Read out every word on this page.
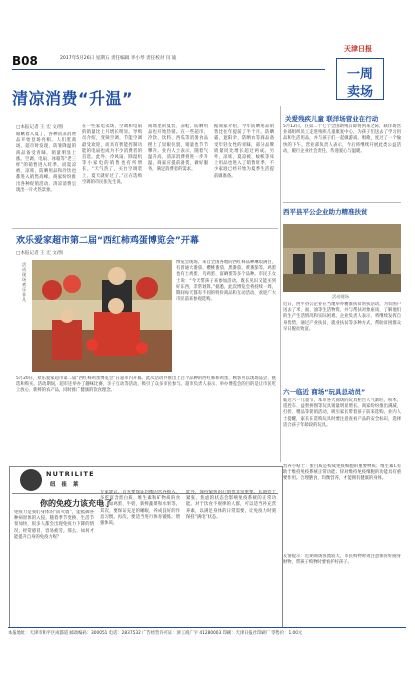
B08	2017年5月26日 星期五 责任编辑 李小琴 责任校对 闫 迪
天津日报
一周
卖场
清凉消费“升温”
□本报记者 王 宏 文/图
眼瞅着入夏了，各种清凉消费品开始登场亮相。人们逛商场、超市时发现，防暑降温的商品备受青睐，销量明显上涨。空调、电扇、冰箱等“老三样”的销售进入旺季，而夏凉被、凉席、防晒用品和冷饮也都进入销售高峰。商家纷纷推出各种促销活动，清凉消费呈现出一片火热景象。
在一些家电卖场，空调和电扇的销量比上月增长明显。导购员介绍，变频空调、节能空调最受欢迎，而具有智能控制功能的电扇也成为不少消费者的首选。此外，冷风扇、除湿机等小家电的销售也有所增长。“天气热了，买台空调装上，夏天就好过了。”正在选购空调的市民张先生说。
商场里的夏装、凉鞋、防晒用品也开始热销。在一些超市，冷饮、饮料、西瓜等消暑食品摆上了显眼位置，销量也节节攀升。业内人士表示，随着气温升高，清凉消费将进一步升温，商家应提前备货，做好服务，满足消费者的需求。
据商家介绍，今年防晒用品销售比往年提前了半个月。防晒霜、遮阳伞、防晒衣等商品备受年轻女性的青睐，部分品牌销量同比增长超过两成。另外，凉席、夏凉被、蚊帐等床上用品也进入了销售旺季，不少家庭已经开始为夏季生活提前做准备。
欢乐爱家超市第二届“西红柿鸡蛋博览会”开幕
□本报记者 王 宏 文/图
活动现场欢乐非凡
博览会现场，来自全国各地的西红柿品种琳琅满目，有普通大番茄、樱桃番茄、黑番茄、黄番茄等，鸡蛋也有土鸡蛋、乌鸡蛋、富硒蛋等多个品种。市民王女士说：“今天带孩子来参加活动，既长见识又能买到好东西，非常划算。”据悉，此次博览会将持续一周，期间每天都有不同的特价商品和互动活动，欢迎广大市民前来参观选购。
5月20日，欢乐爱家超市第二届“西红柿鸡蛋博览会”在超市内开幕。此次活动共推出上百个品种的西红柿和鸡蛋，顾客可以现场品尝、挑选和购买。活动期间，超市还举办了趣味比赛、亲子互动等活动，吸引了众多市民参与。超市负责人表示，举办博览会的目的是让市民吃上放心、新鲜的农产品，同时推广健康的饮食理念。
关爱残疾儿童 联洋场营业在行动
5月12日，在第二十七个全国助残日即将到来之际，联洋场营业部组织员工走进残疾儿童康复中心，为孩子们送去了学习用品和生活用品，并与孩子们一起做游戏、唱歌，度过了一个愉快的下午。营业部负责人表示，今后将继续开展此类公益活动，履行企业社会责任，传递爱心与温暖。
西平县平公企业助力精准扶贫
活动现场
近日，西平县公企业在当地举办精准扶贫帮扶活动，为贫困户送去了米、面、油等生活物资，并与帮扶对象座谈，了解他们的生产生活情况和实际困难。企业负责人表示，将继续发挥自身优势，通过产业扶贫、就业扶贫等多种方式，帮助贫困群众早日脱贫致富。
六一临近 商场“玩具总动员”
临近六一儿童节，本市各大商场的玩具柜台人气渐旺，积木、遥控车、益智拼图等玩具销量明显增长。商家纷纷推出满减、打折、赠品等促销活动，吸引家长带着孩子前来选购。业内人士提醒，家长在选购玩具时要注意查看产品的安全标识，选择适合孩子年龄段的玩具。
NUTRILITE
纽 崔 莱
你的免疫力该充电了
免疫力是我们身体的“防火墙”，能抵御各种病原体的入侵。随着季节变换、生活节奏加快，很多人都会出现免疫力下降的情况，经常感冒、容易疲劳。那么，如何才能提升自身的免疫力呢？
专家建议，首先要保证均衡的营养摄入，多吃富含蛋白质、维生素和矿物质的食物，如鸡蛋、牛奶、新鲜蔬菜和水果等。其次，要保证充足的睡眠，养成良好的作息习惯。再次，要适当进行体育锻炼，增强体质。
此外，保持愉快的心情也非常重要。长期处于紧张、焦虑的状态会影响免疫系统的正常功能。对于饮食不规律的人群，可以适当补充营养素，以满足身体的日常需要，让免疫力时刻保持“满电”状态。
营养小贴士：蛋白质是构成免疫细胞的重要物质；维生素C有助于维持免疫系统正常功能；锌对维持免疫细胞的功能具有重要作用。合理膳食，均衡营养，才能拥有健康的身体。
友情提示：近期商场客流较大，市民购物时请注意保管好随身财物，带孩子购物时要看护好孩子。
本报地址：天津市和平区成都道 邮政编码：300051 电话：2837532 广告经营许可证：津工商广字 41280003 印刷：天津日报社印刷厂 零售价：1.00元
